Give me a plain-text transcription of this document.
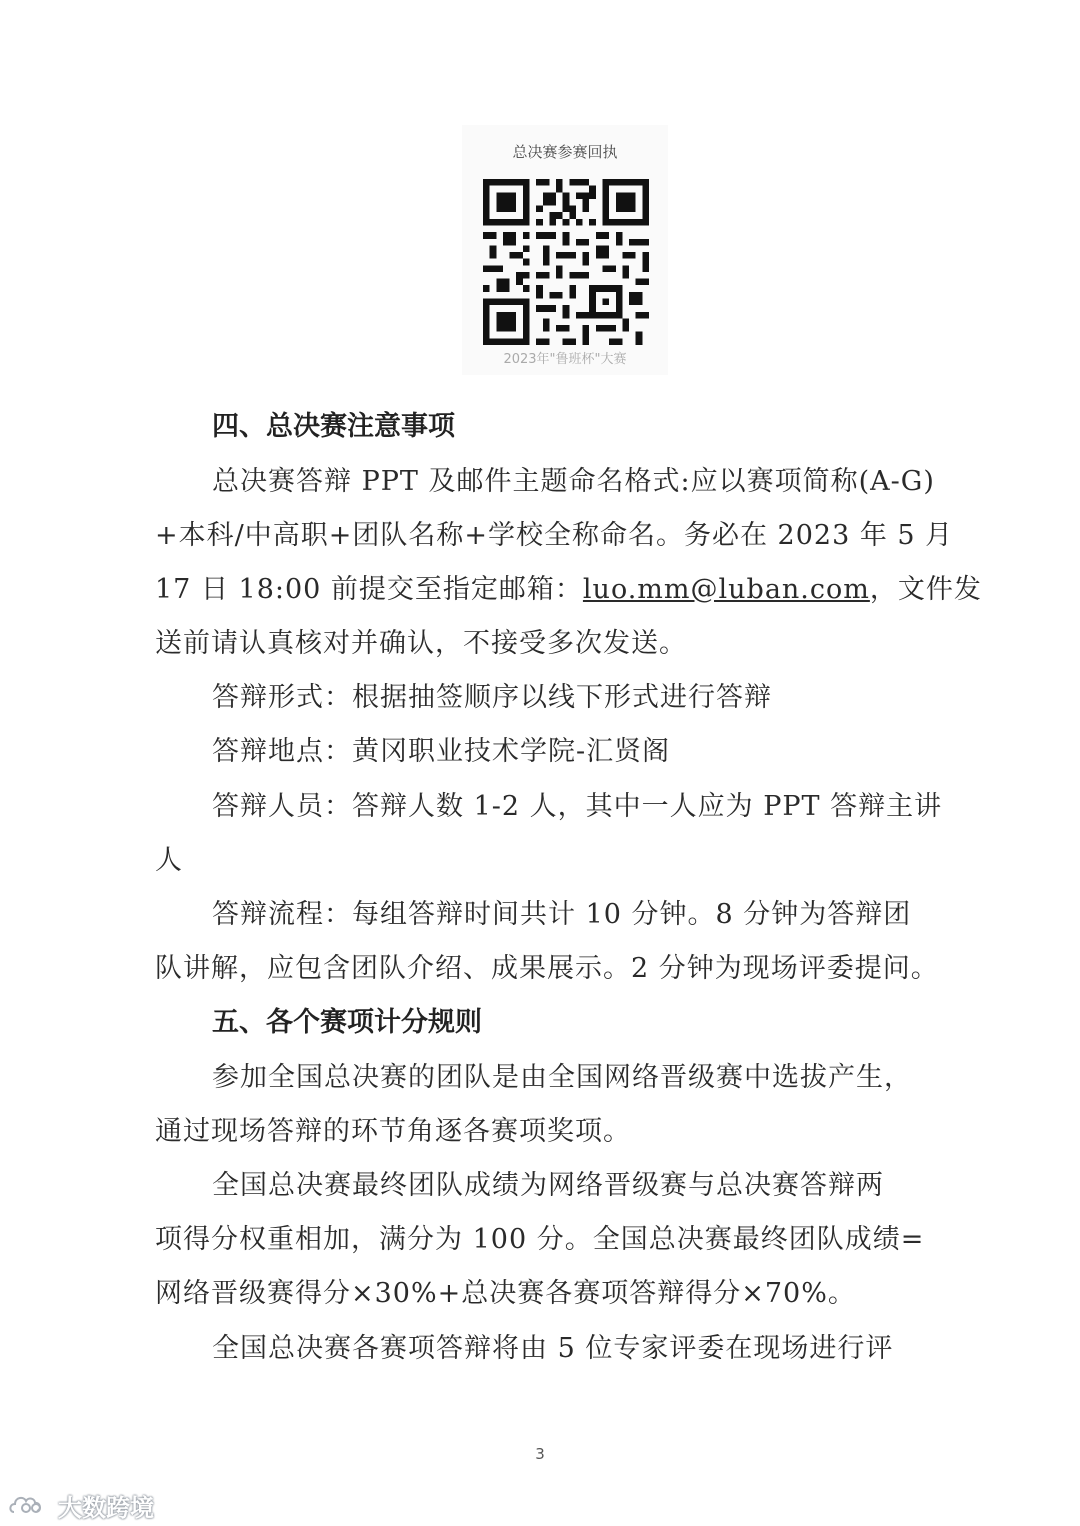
总决赛参赛回执
2023年"鲁班杯"大赛
四、总决赛注意事项
总决赛答辩 PPT 及邮件主题命名格式:应以赛项简称(A-G)
+本科/中高职+团队名称+学校全称命名。务必在 2023 年 5 月
17 日 18:00 前提交至指定邮箱：luo.mm@luban.com，文件发
送前请认真核对并确认，不接受多次发送。
答辩形式：根据抽签顺序以线下形式进行答辩
答辩地点：黄冈职业技术学院-汇贤阁
答辩人员：答辩人数 1-2 人，其中一人应为 PPT 答辩主讲
人
答辩流程：每组答辩时间共计 10 分钟。8 分钟为答辩团
队讲解，应包含团队介绍、成果展示。2 分钟为现场评委提问。
五、各个赛项计分规则
参加全国总决赛的团队是由全国网络晋级赛中选拔产生，
通过现场答辩的环节角逐各赛项奖项。
全国总决赛最终团队成绩为网络晋级赛与总决赛答辩两
项得分权重相加，满分为 100 分。全国总决赛最终团队成绩=
网络晋级赛得分×30%+总决赛各赛项答辩得分×70%。
全国总决赛各赛项答辩将由 5 位专家评委在现场进行评
3
大数跨境
